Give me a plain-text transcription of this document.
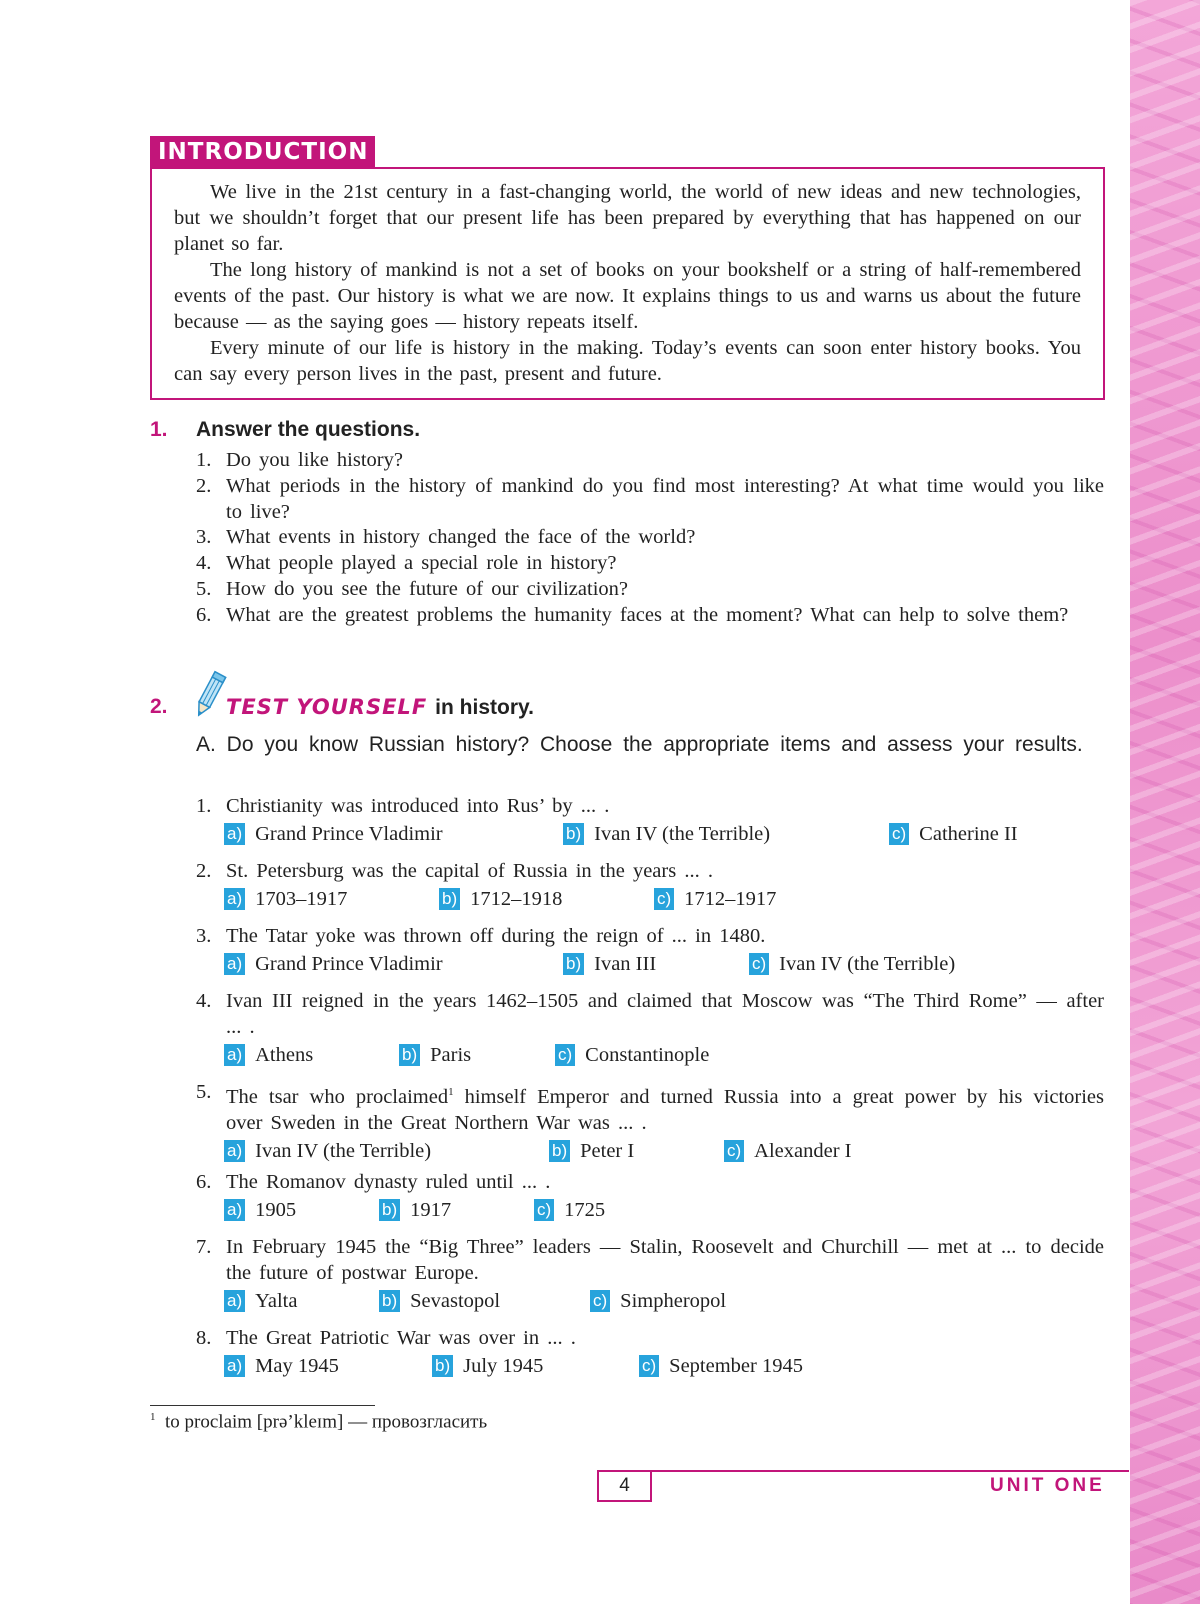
INTRODUCTION

We live in the 21st century in a fast-changing world, the world of new ideas and new technologies, but we shouldn’t forget that our present life has been prepared by everything that has happened on our planet so far.

The long history of mankind is not a set of books on your bookshelf or a string of half-remembered events of the past. Our history is what we are now. It explains things to us and warns us about the future because — as the saying goes — history repeats itself.

Every minute of our life is history in the making. Today’s events can soon enter history books. You can say every person lives in the past, present and future.

1. Answer the questions.
1. Do you like history?
2. What periods in the history of mankind do you find most interesting? At what time would you like to live?
3. What events in history changed the face of the world?
4. What people played a special role in history?
5. How do you see the future of our civilization?
6. What are the greatest problems the humanity faces at the moment? What can help to solve them?
2.	TEST YOURSELF in history.
A. Do you know Russian history? Choose the appropriate items and assess your results.
1. Christianity was introduced into Rus’ by ... .
a) Grand Prince Vladimir	b) Ivan IV (the Terrible)	c) Catherine II
2. St. Petersburg was the capital of Russia in the years ... .
a) 1703–1917	b) 1712–1918	c) 1712–1917
3. The Tatar yoke was thrown off during the reign of ... in 1480.
a) Grand Prince Vladimir	b) Ivan III	c) Ivan IV (the Terrible)
4. Ivan III reigned in the years 1462–1505 and claimed that Moscow was “The Third Rome” — after ... .
a) Athens	b) Paris	c) Constantinople
5. The tsar who proclaimed$^1$ himself Emperor and turned Russia into a great power by his victories over Sweden in the Great Northern War was ... .
a) Ivan IV (the Terrible)	b) Peter I	c) Alexander I
6. The Romanov dynasty ruled until ... .
a) 1905	b) 1917	c) 1725
7. In February 1945 the “Big Three” leaders — Stalin, Roosevelt and Churchill — met at ... to decide the future of postwar Europe.
a) Yalta	b) Sevastopol	c) Simpheropol
8. The Great Patriotic War was over in ... .
a) May 1945	b) July 1945	c) September 1945
$^1$ to proclaim [prə’kleɪm] — провозгласить
4	UNIT ONE
